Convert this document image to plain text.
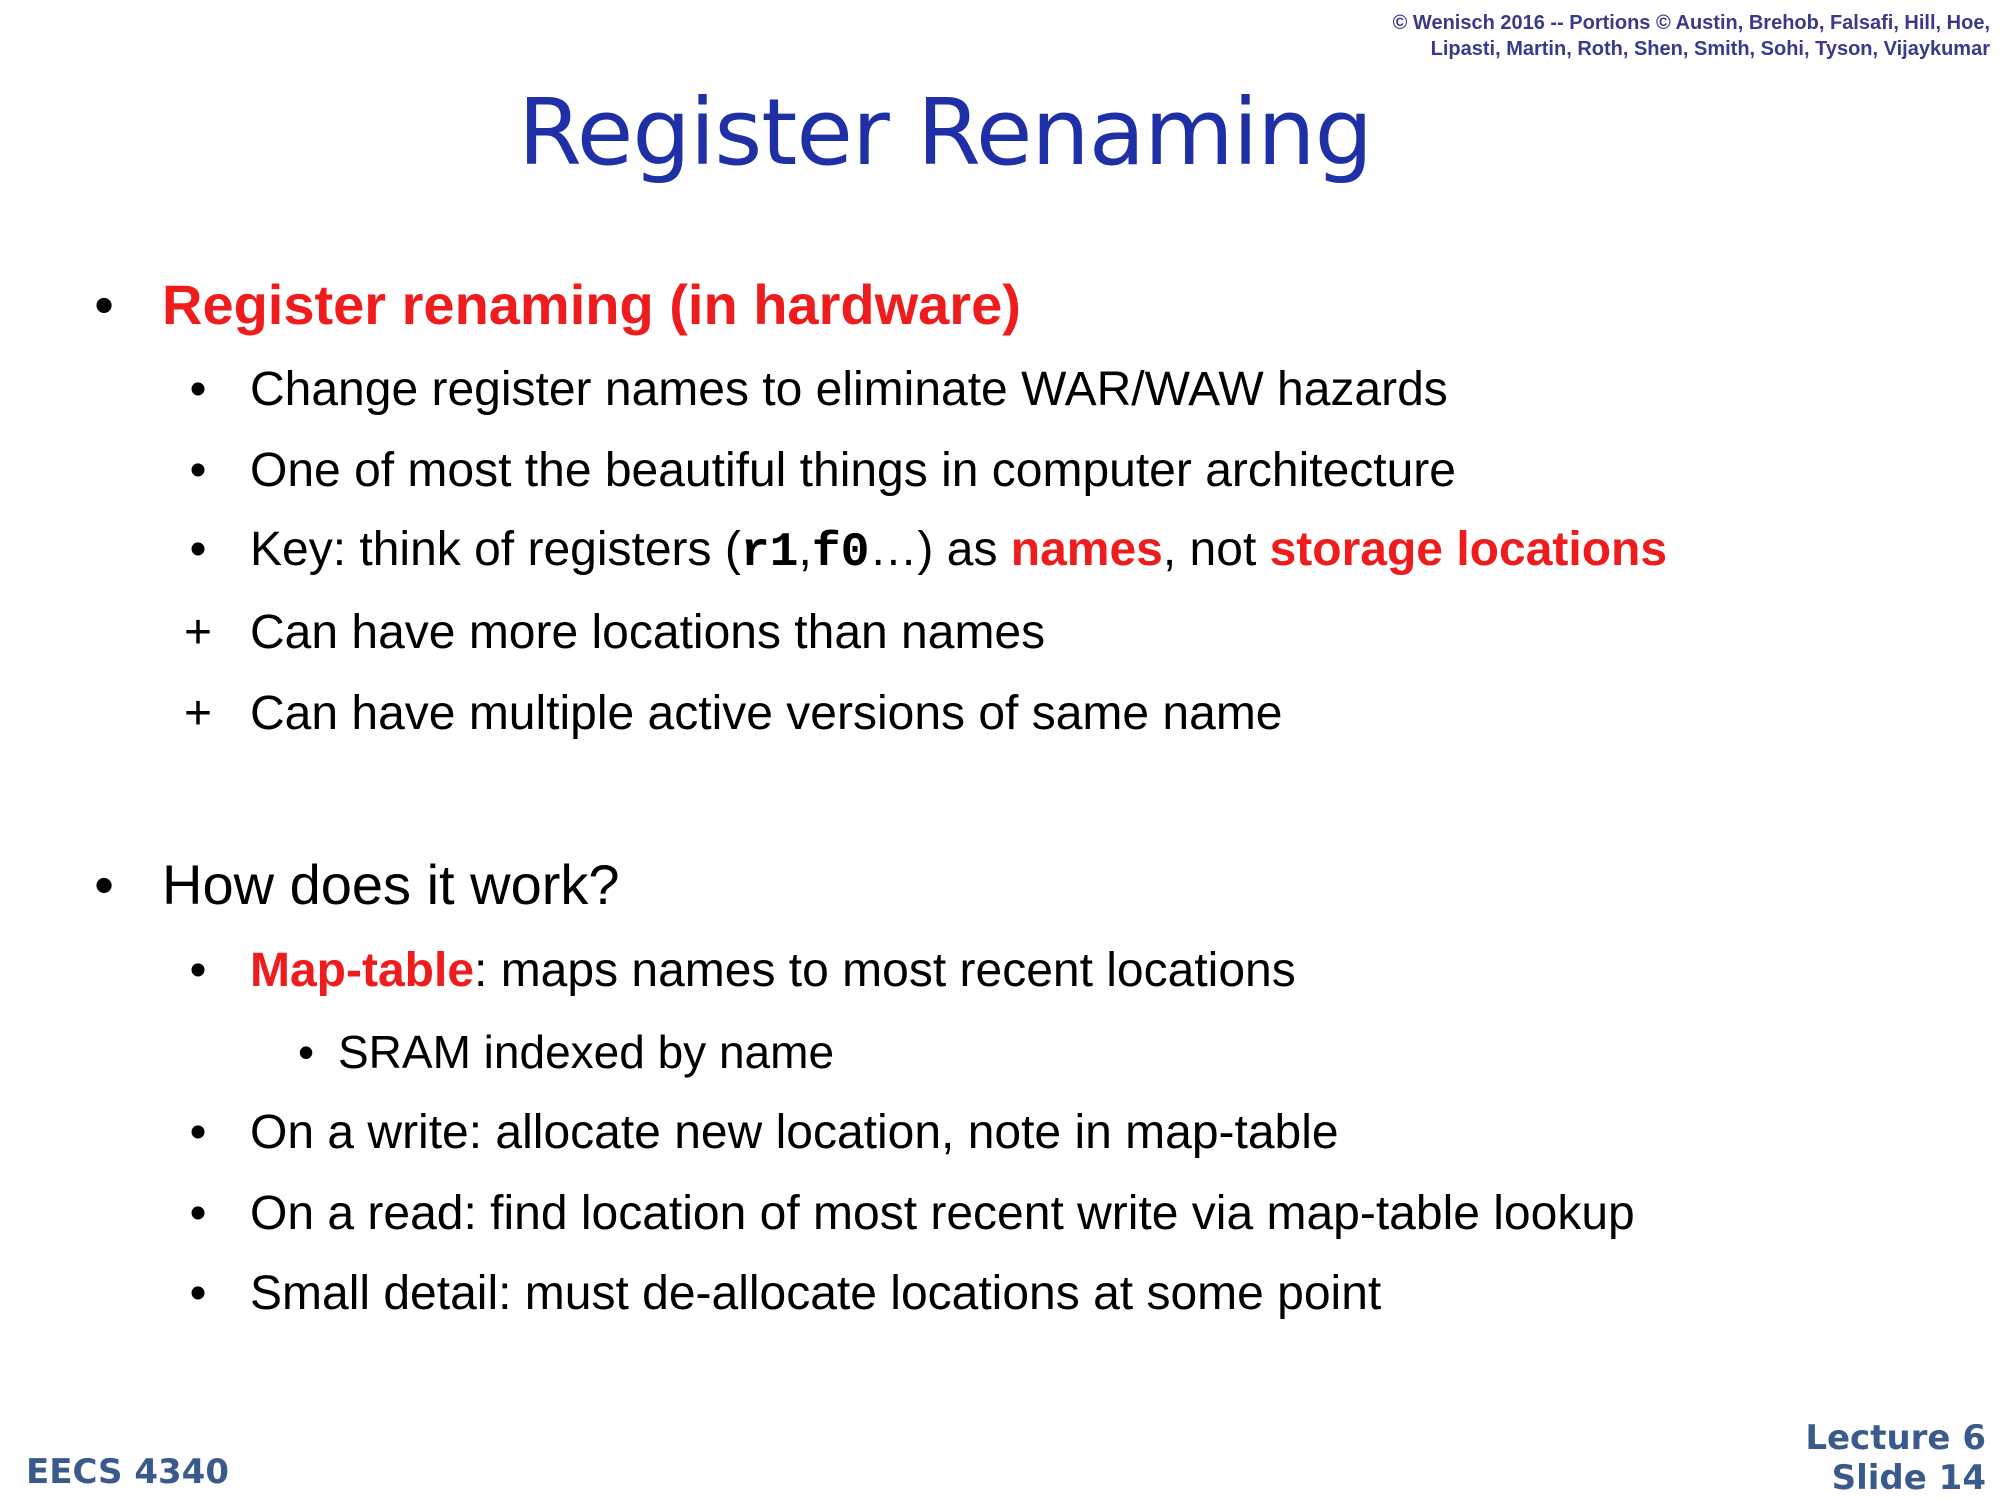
© Wenisch 2016 -- Portions © Austin, Brehob, Falsafi, Hill, Hoe,
Lipasti, Martin, Roth, Shen, Smith, Sohi, Tyson, Vijaykumar
Register Renaming
• Register renaming (in hardware)
• Change register names to eliminate WAR/WAW hazards
• One of most the beautiful things in computer architecture
• Key: think of registers (r1,f0…) as names, not storage locations
+ Can have more locations than names
+ Can have multiple active versions of same name
• How does it work?
• Map-table: maps names to most recent locations
• SRAM indexed by name
• On a write: allocate new location, note in map-table
• On a read: find location of most recent write via map-table lookup
• Small detail: must de-allocate locations at some point
EECS 4340
Lecture 6
Slide 14
